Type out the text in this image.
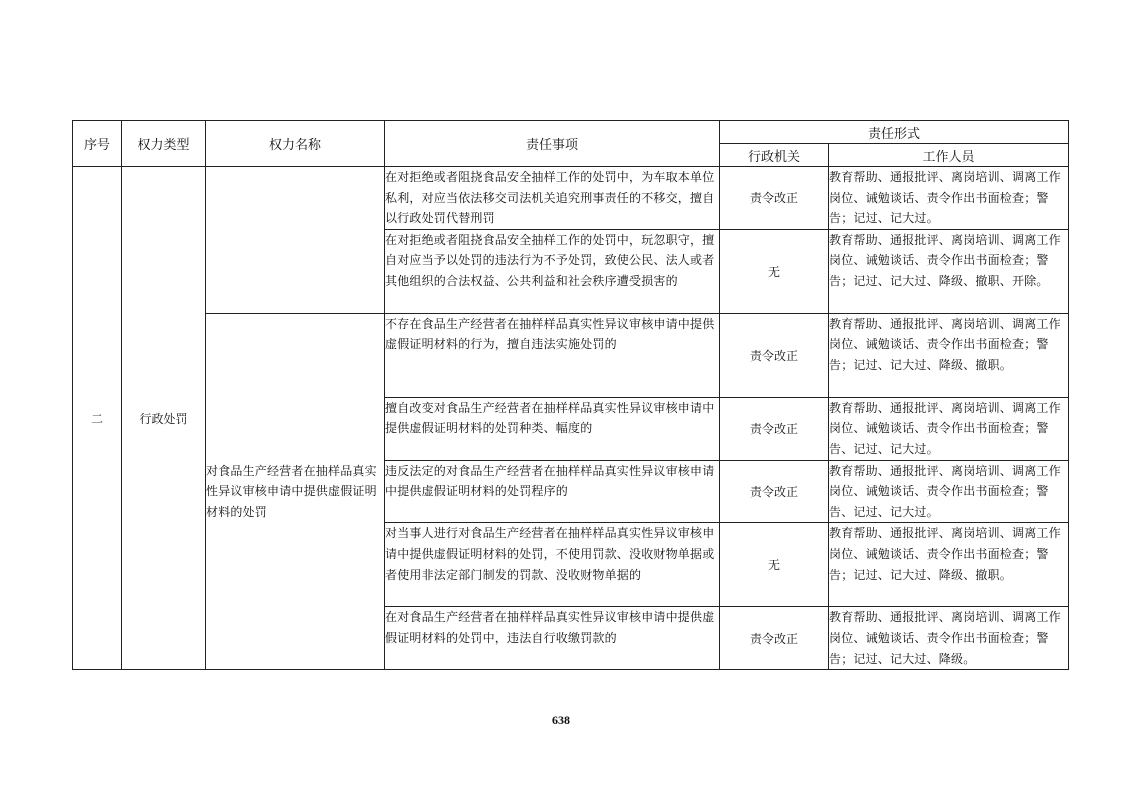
序号	权力类型	权力名称	责任事项	责任形式	
				行政机关	工作人员
二	行政处罚		在对拒绝或者阻挠食品安全抽样工作的处罚中，为车取本单位私利，对应当依法移交司法机关追究刑事责任的不移交，擅自以行政处罚代替刑罚	责令改正	教育帮助、通报批评、离岗培训、调离工作岗位、诫勉谈话、责令作出书面检查；警告；记过、记大过。
			在对拒绝或者阻挠食品安全抽样工作的处罚中，玩忽职守，擅自对应当予以处罚的违法行为不予处罚，致使公民、法人或者其他组织的合法权益、公共利益和社会秩序遭受损害的	无	教育帮助、通报批评、离岗培训、调离工作岗位、诫勉谈话、责令作出书面检查；警告；记过、记大过、降级、撤职、开除。
		对食品生产经营者在抽样品真实性异议审核申请中提供虚假证明材料的处罚	不存在食品生产经营者在抽样样品真实性异议审核申请中提供虚假证明材料的行为，擅自违法实施处罚的	责令改正	教育帮助、通报批评、离岗培训、调离工作岗位、诫勉谈话、责令作出书面检查；警告；记过、记大过、降级、撤职。
			擅自改变对食品生产经营者在抽样样品真实性异议审核申请中提供虚假证明材料的处罚种类、幅度的	责令改正	教育帮助、通报批评、离岗培训、调离工作岗位、诫勉谈话、责令作出书面检查；警告、记过、记大过。
			违反法定的对食品生产经营者在抽样样品真实性异议审核申请中提供虚假证明材料的处罚程序的	责令改正	教育帮助、通报批评、离岗培训、调离工作岗位、诫勉谈话、责令作出书面检查；警告、记过、记大过。
			对当事人进行对食品生产经营者在抽样样品真实性异议审核申请中提供虚假证明材料的处罚，不使用罚款、没收财物单据或者使用非法定部门制发的罚款、没收财物单据的	无	教育帮助、通报批评、离岗培训、调离工作岗位、诫勉谈话、责令作出书面检查；警告；记过、记大过、降级、撤职。
			在对食品生产经营者在抽样样品真实性异议审核申请中提供虚假证明材料的处罚中，违法自行收缴罚款的	责令改正	教育帮助、通报批评、离岗培训、调离工作岗位、诫勉谈话、责令作出书面检查；警告；记过、记大过、降级。
638
